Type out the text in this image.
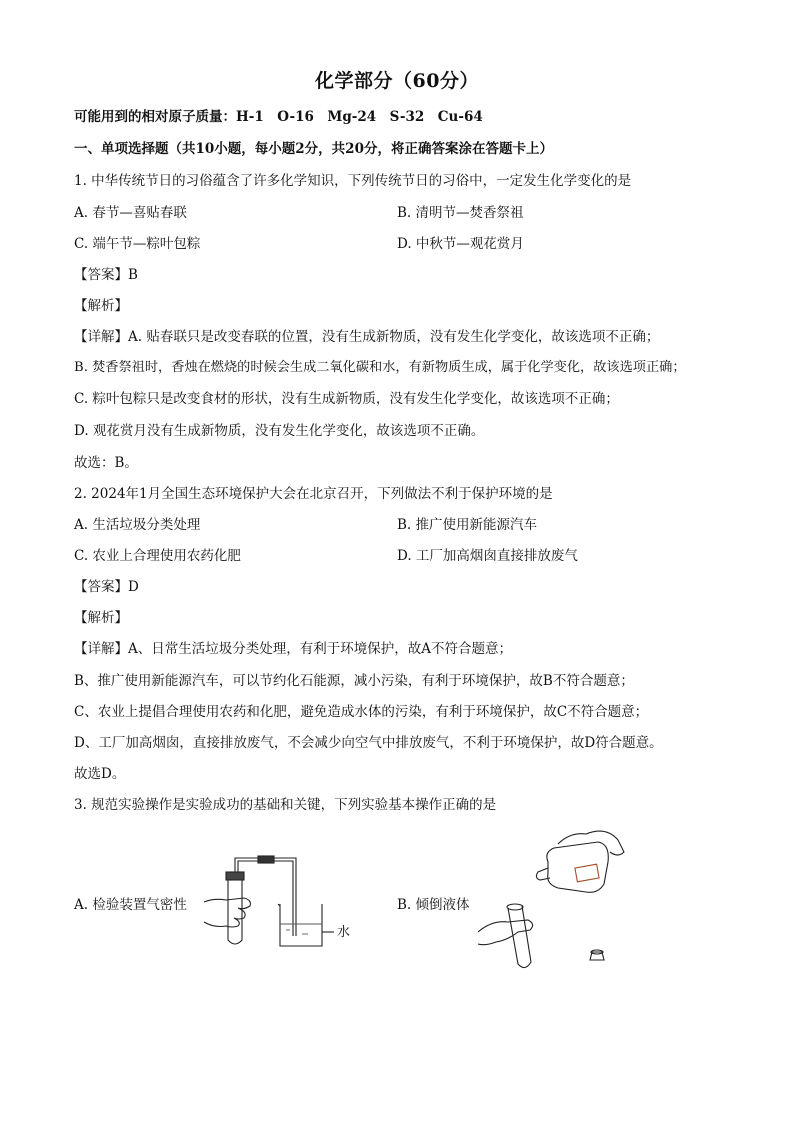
化学部分（60分）
可能用到的相对原子质量：H-1　O-16　Mg-24　S-32　Cu-64
一、单项选择题（共10小题，每小题2分，共20分，将正确答案涂在答题卡上）
1. 中华传统节日的习俗蕴含了许多化学知识，下列传统节日的习俗中，一定发生化学变化的是
A. 春节—喜贴春联	B. 清明节—焚香祭祖
C. 端午节—粽叶包粽	D. 中秋节—观花赏月
【答案】B
【解析】
【详解】A. 贴春联只是改变春联的位置，没有生成新物质，没有发生化学变化，故该选项不正确；
B. 焚香祭祖时，香烛在燃烧的时候会生成二氧化碳和水，有新物质生成，属于化学变化，故该选项正确；
C. 粽叶包粽只是改变食材的形状，没有生成新物质，没有发生化学变化，故该选项不正确；
D. 观花赏月没有生成新物质，没有发生化学变化，故该选项不正确。
故选：B。
2. 2024年1月全国生态环境保护大会在北京召开，下列做法不利于保护环境的是
A. 生活垃圾分类处理	B. 推广使用新能源汽车
C. 农业上合理使用农药化肥	D. 工厂加高烟囱直接排放废气
【答案】D
【解析】
【详解】A、日常生活垃圾分类处理，有利于环境保护，故A不符合题意；
B、推广使用新能源汽车，可以节约化石能源，减小污染，有利于环境保护，故B不符合题意；
C、农业上提倡合理使用农药和化肥，避免造成水体的污染，有利于环境保护，故C不符合题意；
D、工厂加高烟囱，直接排放废气，不会减少向空气中排放废气，不利于环境保护，故D符合题意。
故选D。
3. 规范实验操作是实验成功的基础和关键，下列实验基本操作正确的是
A. 检验装置气密性	B. 倾倒液体
水
